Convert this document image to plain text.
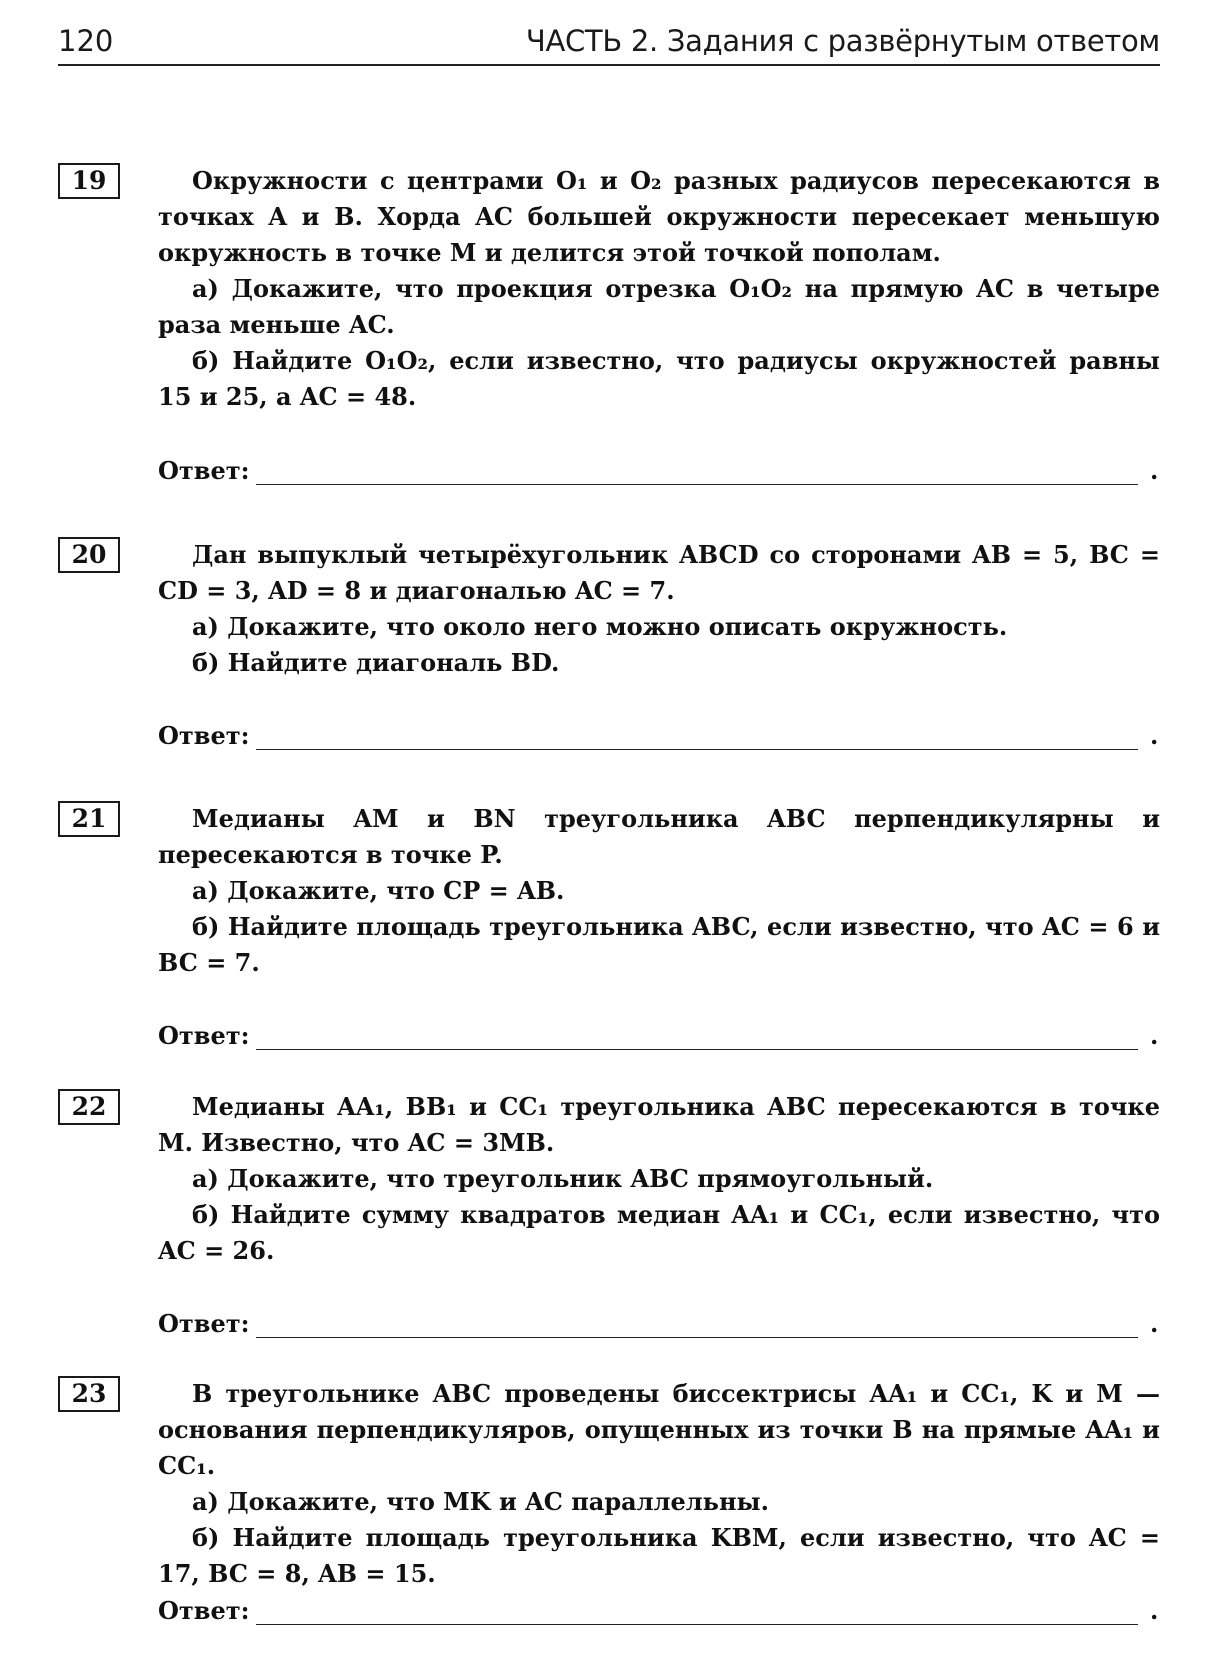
120	ЧАСТЬ 2. Задания с развёрнутым ответом
19	Окружности с центрами O₁ и O₂ разных радиусов пересекаются в точках A и B. Хорда AC большей окружности пересекает меньшую окружность в точке M и делится этой точкой пополам.

а) Докажите, что проекция отрезка O₁O₂ на прямую AC в четыре раза меньше AC.

б) Найдите O₁O₂, если известно, что радиусы окружностей равны 15 и 25, а AC = 48.

Ответ:	.
20	Дан выпуклый четырёхугольник ABCD со сторонами AB = 5, BC = CD = 3, AD = 8 и диагональю AC = 7.

а) Докажите, что около него можно описать окружность.

б) Найдите диагональ BD.

Ответ:	.
21	Медианы AM и BN треугольника ABC перпендикулярны и пересекаются в точке P.

а) Докажите, что CP = AB.

б) Найдите площадь треугольника ABC, если известно, что AC = 6 и BC = 7.

Ответ:	.
22	Медианы AA₁, BB₁ и CC₁ треугольника ABC пересекаются в точке M. Известно, что AC = 3MB.

а) Докажите, что треугольник ABC прямоугольный.

б) Найдите сумму квадратов медиан AA₁ и CC₁, если известно, что AC = 26.

Ответ:	.
23	В треугольнике ABC проведены биссектрисы AA₁ и CC₁, K и M — основания перпендикуляров, опущенных из точки B на прямые AA₁ и CC₁.

а) Докажите, что MK и AC параллельны.

б) Найдите площадь треугольника KBM, если известно, что AC = 17, BC = 8, AB = 15.

Ответ:	.
